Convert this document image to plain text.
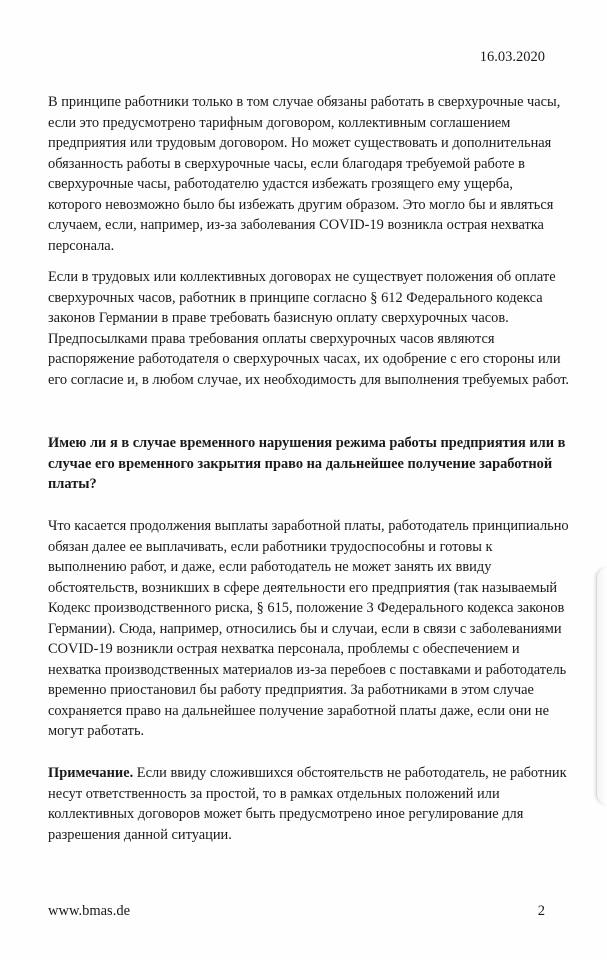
16.03.2020
В принципе работники только в том случае обязаны работать в сверхурочные часы,
если это предусмотрено тарифным договором, коллективным соглашением
предприятия или трудовым договором. Но может существовать и дополнительная
обязанность работы в сверхурочные часы, если благодаря требуемой работе в
сверхурочные часы, работодателю удастся избежать грозящего ему ущерба,
которого невозможно было бы избежать другим образом. Это могло бы и являться
случаем, если, например, из-за заболевания COVID-19 возникла острая нехватка
персонала.
Если в трудовых или коллективных договорах не существует положения об оплате
сверхурочных часов, работник в принципе согласно § 612 Федерального кодекса
законов Германии в праве требовать базисную оплату сверхурочных часов.
Предпосылками права требования оплаты сверхурочных часов являются
распоряжение работодателя о сверхурочных часах, их одобрение с его стороны или
его согласие и, в любом случае, их необходимость для выполнения требуемых работ.
Имею ли я в случае временного нарушения режима работы предприятия или в
случае его временного закрытия право на дальнейшее получение заработной
платы?
Что касается продолжения выплаты заработной платы, работодатель принципиально
обязан далее ее выплачивать, если работники трудоспособны и готовы к
выполнению работ, и даже, если работодатель не может занять их ввиду
обстоятельств, возникших в сфере деятельности его предприятия (так называемый
Кодекс производственного риска, § 615, положение 3 Федерального кодекса законов
Германии). Сюда, например, относились бы и случаи, если в связи с заболеваниями
COVID-19 возникли острая нехватка персонала, проблемы с обеспечением и
нехватка производственных материалов из-за перебоев с поставками и работодатель
временно приостановил бы работу предприятия. За работниками в этом случае
сохраняется право на дальнейшее получение заработной платы даже, если они не
могут работать.
Примечание. Если ввиду сложившихся обстоятельств не работодатель, не работник
несут ответственность за простой, то в рамках отдельных положений или
коллективных договоров может быть предусмотрено иное регулирование для
разрешения данной ситуации.
www.bmas.de	2
